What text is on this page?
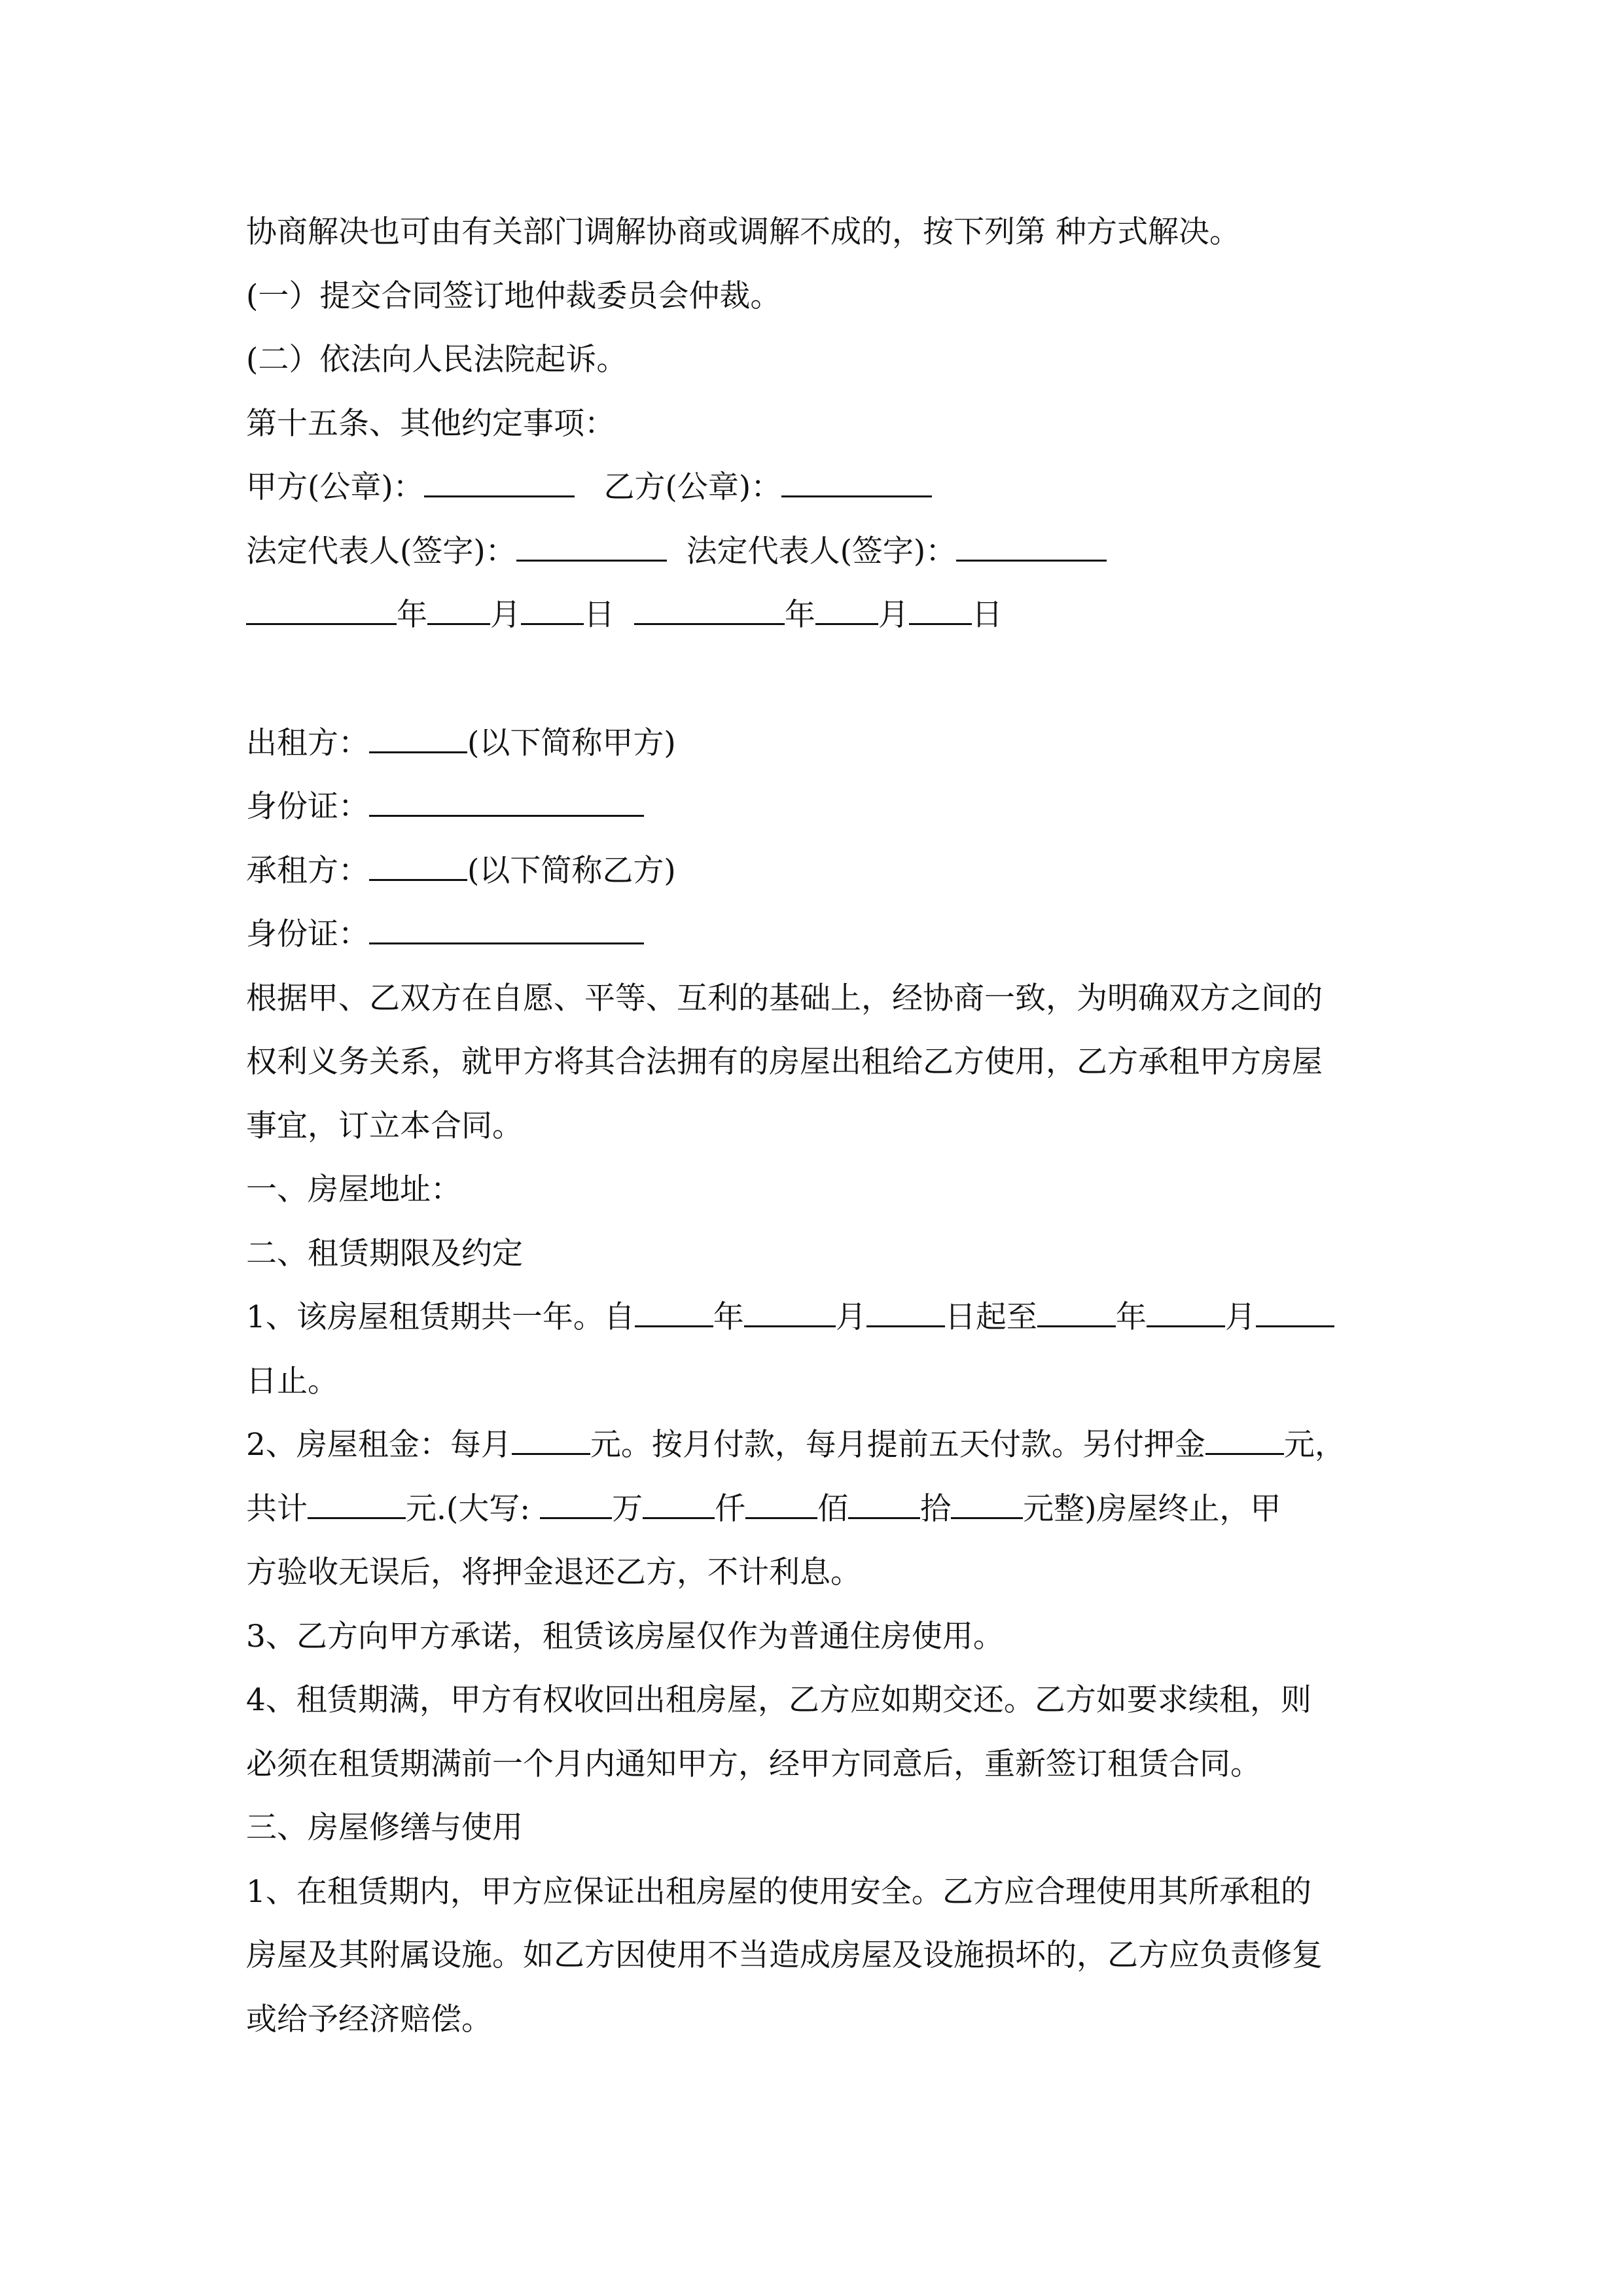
协商解决也可由有关部门调解协商或调解不成的，按下列第 种方式解决。
(一）提交合同签订地仲裁委员会仲裁。
(二）依法向人民法院起诉。
第十五条、其他约定事项：
甲方(公章)：	乙方(公章)：
法定代表人(签字)：	法定代表人(签字)：
年 月 日	年 月 日
出租方：	(以下简称甲方)
身份证：
承租方：	(以下简称乙方)
身份证：
根据甲、乙双方在自愿、平等、互利的基础上，经协商一致，为明确双方之间的
权利义务关系，就甲方将其合法拥有的房屋出租给乙方使用，乙方承租甲方房屋
事宜，订立本合同。
一、房屋地址：
二、租赁期限及约定
1、该房屋租赁期共一年。自	年	月	日起至	年	月
日止。
2、房屋租金：每月	元。按月付款，每月提前五天付款。另付押金	元，
共计	元.(大写:	万 仟 佰 拾 元整)房屋终止，甲
方验收无误后，将押金退还乙方，不计利息。
3、乙方向甲方承诺，租赁该房屋仅作为普通住房使用。
4、租赁期满，甲方有权收回出租房屋，乙方应如期交还。乙方如要求续租，则
必须在租赁期满前一个月内通知甲方，经甲方同意后，重新签订租赁合同。
三、房屋修缮与使用
1、在租赁期内，甲方应保证出租房屋的使用安全。乙方应合理使用其所承租的
房屋及其附属设施。如乙方因使用不当造成房屋及设施损坏的，乙方应负责修复
或给予经济赔偿。
